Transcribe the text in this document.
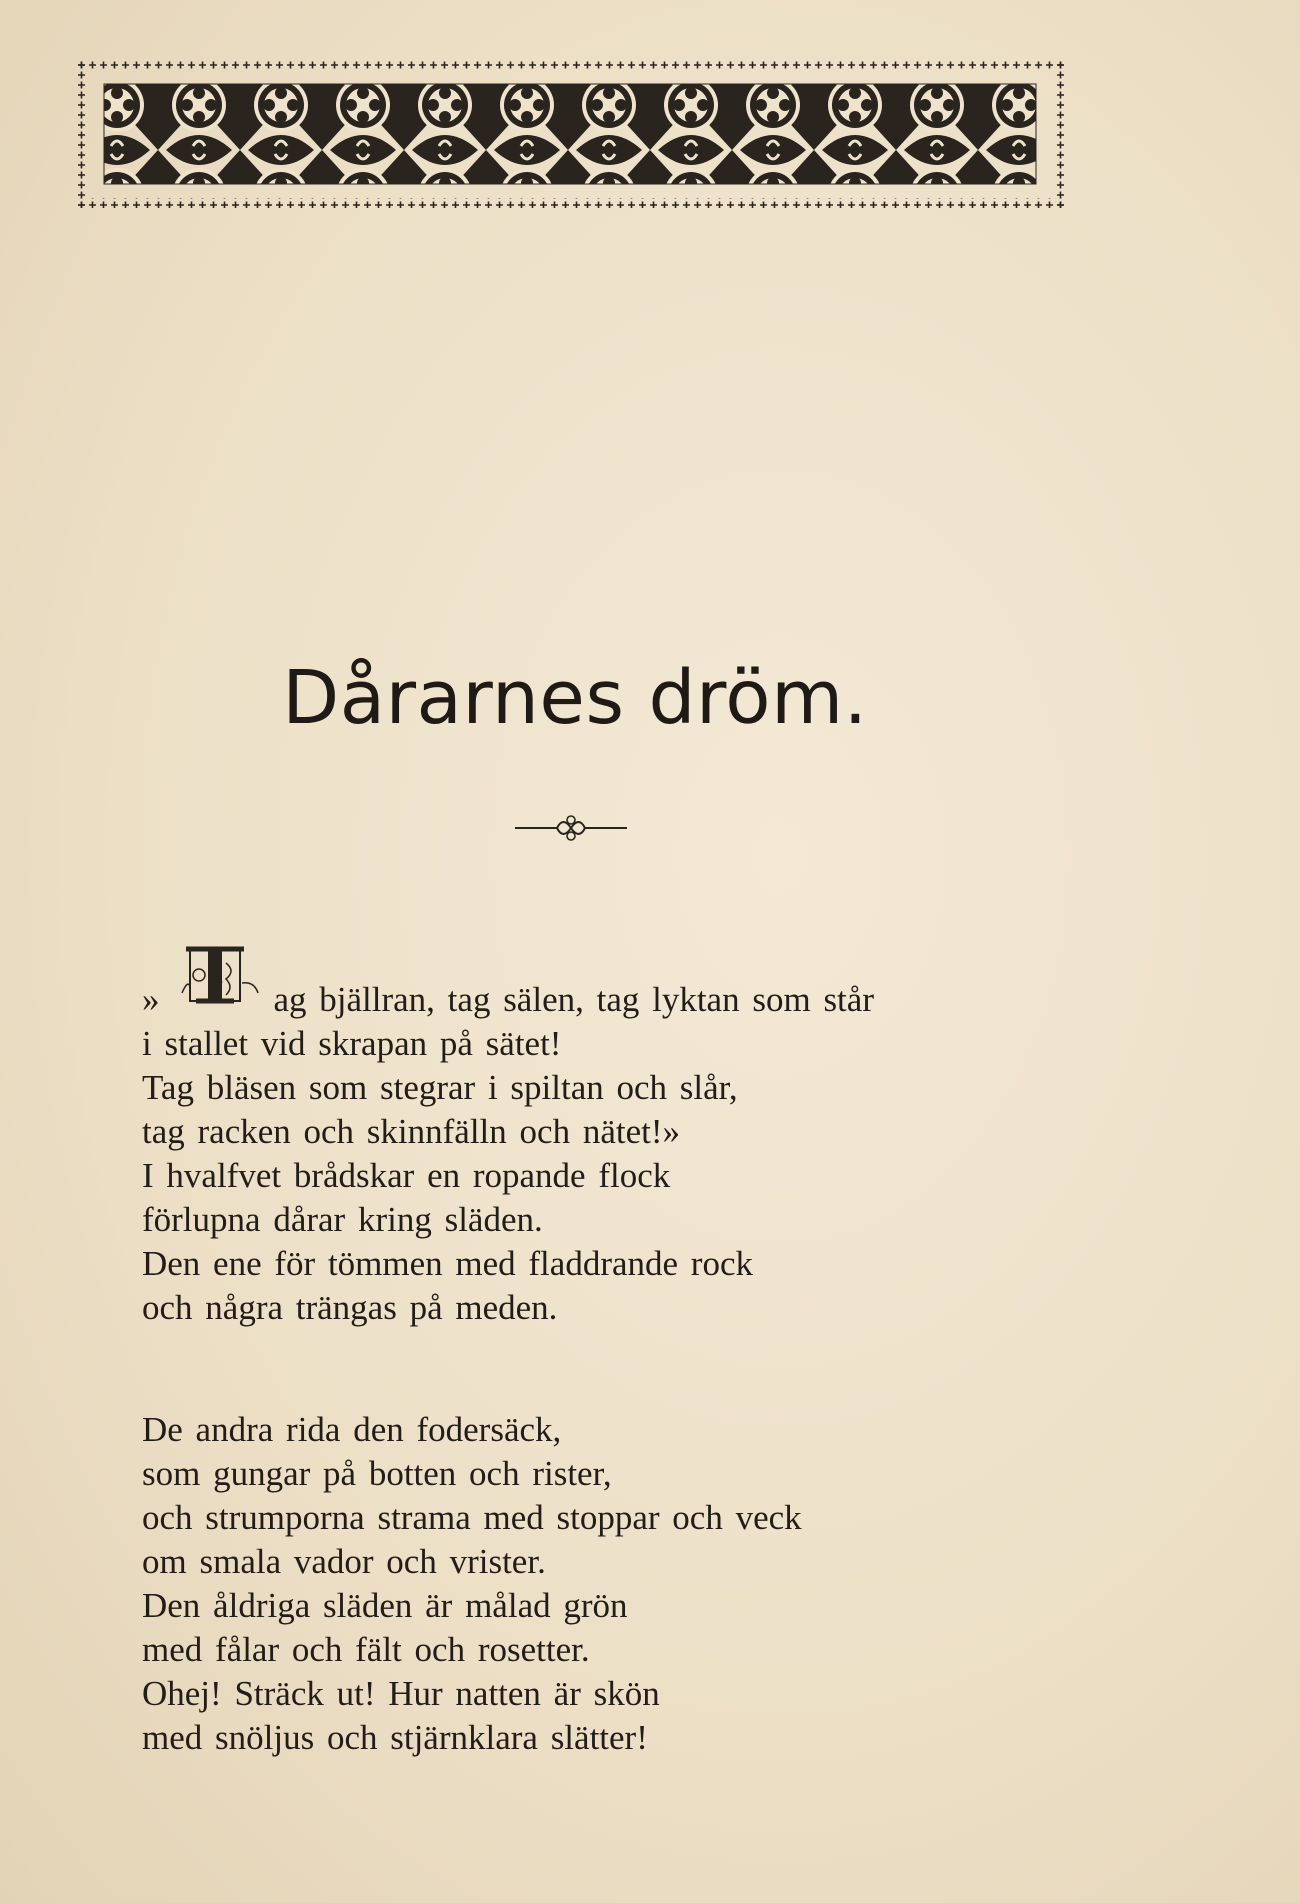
Dårarnes dröm.
»	T ag bjällran, tag sälen, tag lyktan som står
i stallet vid skrapan på sätet!
Tag bläsen som stegrar i spiltan och slår,
tag racken och skinnfälln och nätet!»
I hvalfvet brådskar en ropande flock
förlupna dårar kring släden.
Den ene för tömmen med fladdrande rock
och några trängas på meden.
De andra rida den fodersäck,
som gungar på botten och rister,
och strumporna strama med stoppar och veck
om smala vador och vrister.
Den åldriga släden är målad grön
med fålar och fält och rosetter.
Ohej! Sträck ut! Hur natten är skön
med snöljus och stjärnklara slätter!
